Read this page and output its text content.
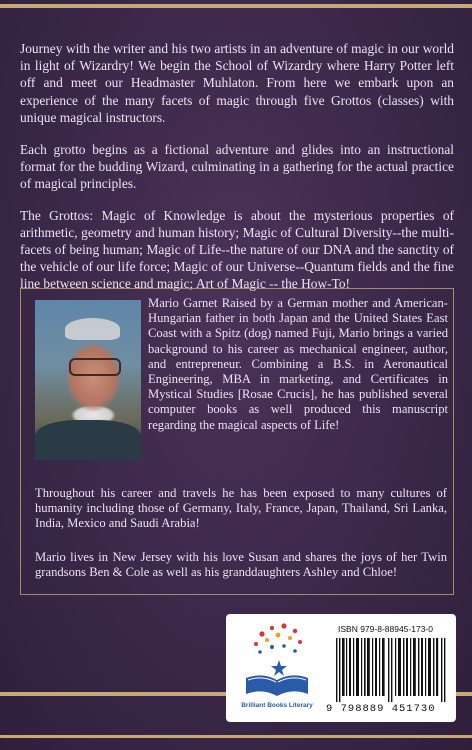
Journey with the writer and his two artists in an adventure of magic in our world in light of Wizardry! We begin the School of Wizardry where Harry Potter left off and meet our Headmaster Muhlaton. From here we embark upon an experience of the many facets of magic through five Grottos (classes) with unique magical instructors.

Each grotto begins as a fictional adventure and glides into an instructional format for the budding Wizard, culminating in a gathering for the actual practice of magical principles.

The Grottos: Magic of Knowledge is about the mysterious properties of arithmetic, geometry and human history; Magic of Cultural Diversity--the multi-facets of being human; Magic of Life--the nature of our DNA and the sanctity of the vehicle of our life force; Magic of our Universe--Quantum fields and the fine line between science and magic; Art of Magic -- the How-To!

Mario Garnet Raised by a German mother and American-Hungarian father in both Japan and the United States East Coast with a Spitz (dog) named Fuji, Mario brings a varied background to his career as mechanical engineer, author, and entrepreneur. Combining a B.S. in Aeronautical Engineering, MBA in marketing, and Certificates in Mystical Studies [Rosae Crucis], he has published several computer books as well produced this manuscript regarding the magical aspects of Life!
Throughout his career and travels he has been exposed to many cultures of humanity including those of Germany, Italy, France, Japan, Thailand, Sri Lanka, India, Mexico and Saudi Arabia!
Mario lives in New Jersey with his love Susan and shares the joys of her Twin grandsons Ben & Cole as well as his granddaughters Ashley and Chloe!
Brilliant Books Literary
ISBN 979-8-88945-173-0
9 798889 451730
